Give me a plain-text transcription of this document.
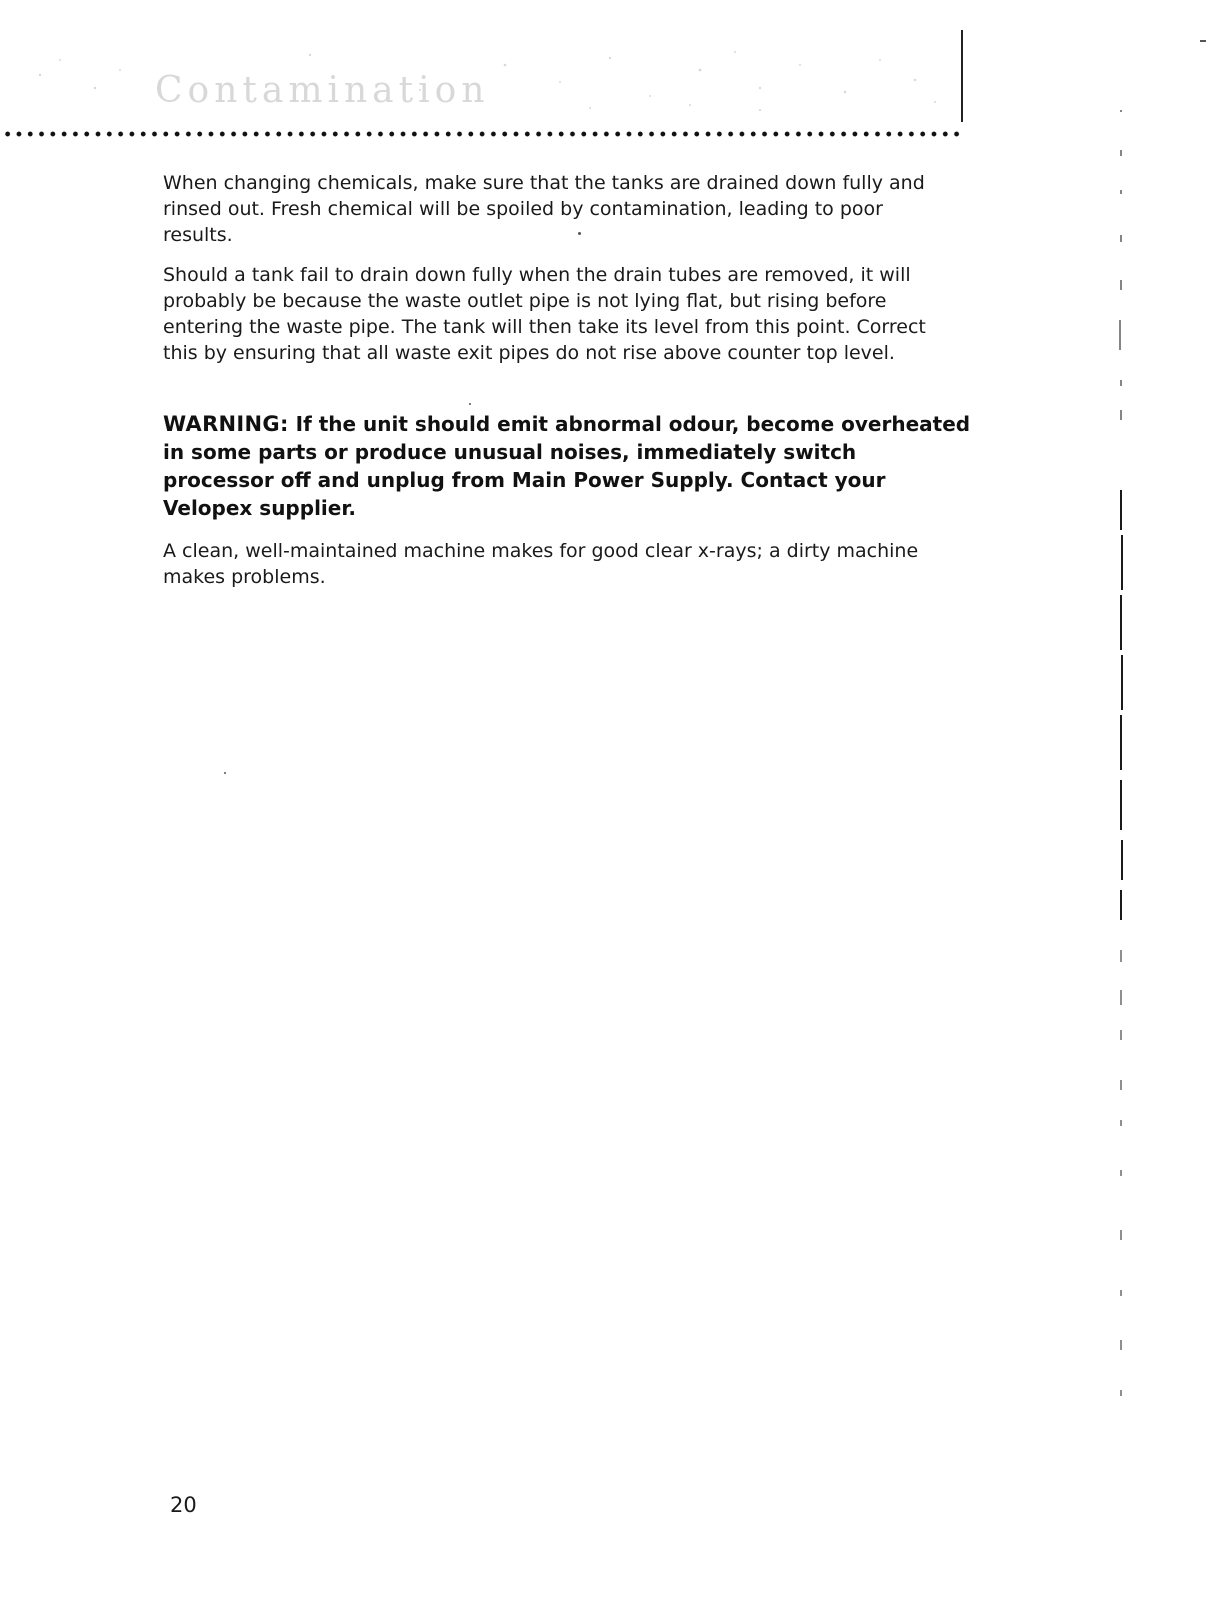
Contamination

When changing chemicals, make sure that the tanks are drained down fully and rinsed out. Fresh chemical will be spoiled by contamination, leading to poor results.

Should a tank fail to drain down fully when the drain tubes are removed, it will probably be because the waste outlet pipe is not lying flat, but rising before entering the waste pipe. The tank will then take its level from this point. Correct this by ensuring that all waste exit pipes do not rise above counter top level.

WARNING: If the unit should emit abnormal odour, become overheated in some parts or produce unusual noises, immediately switch processor off and unplug from Main Power Supply. Contact your Velopex supplier.

A clean, well-maintained machine makes for good clear x-rays; a dirty machine makes problems.

20
